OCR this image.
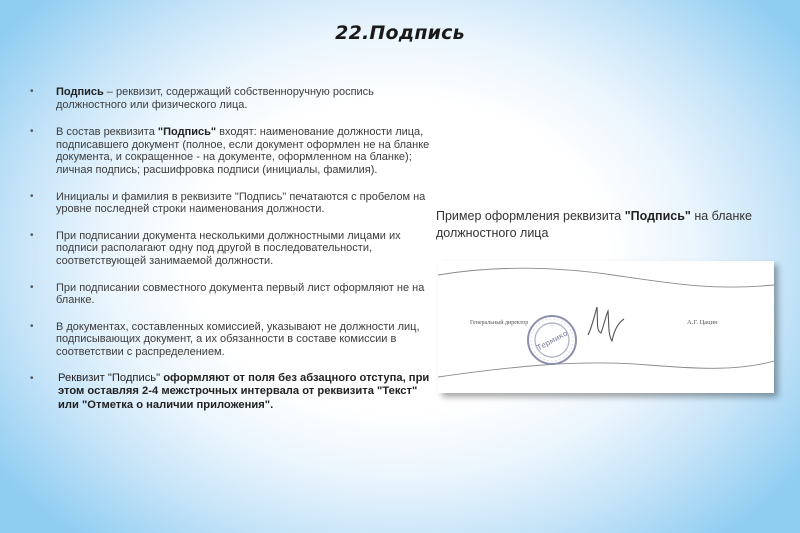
22.Подпись
• Подпись – реквизит, содержащий собственноручную роспись должностного или физического лица.
• В состав реквизита "Подпись" входят: наименование должности лица, подписавшего документ (полное, если документ оформлен не на бланке документа, и сокращенное - на документе, оформленном на бланке); личная подпись; расшифровка подписи (инициалы, фамилия).
• Инициалы и фамилия в реквизите "Подпись" печатаются с пробелом на уровне последней строки наименования должности.
• При подписании документа несколькими должностными лицами их подписи располагают одну под другой в последовательности, соответствующей занимаемой должности.
• При подписании совместного документа первый лист оформляют не на бланке.
• В документах, составленных комиссией, указывают не должности лиц, подписывающих документ, а их обязанности в составе комиссии в соответствии с распределением.
• Реквизит "Подпись" оформляют от поля без абзацного отступа, при этом оставляя 2-4 межстрочных интервала от реквизита "Текст" или "Отметка о наличии приложения".
Пример оформления реквизита "Подпись" на бланке должностного лица
Генеральный директор
Термико
А.Г. Цацин
